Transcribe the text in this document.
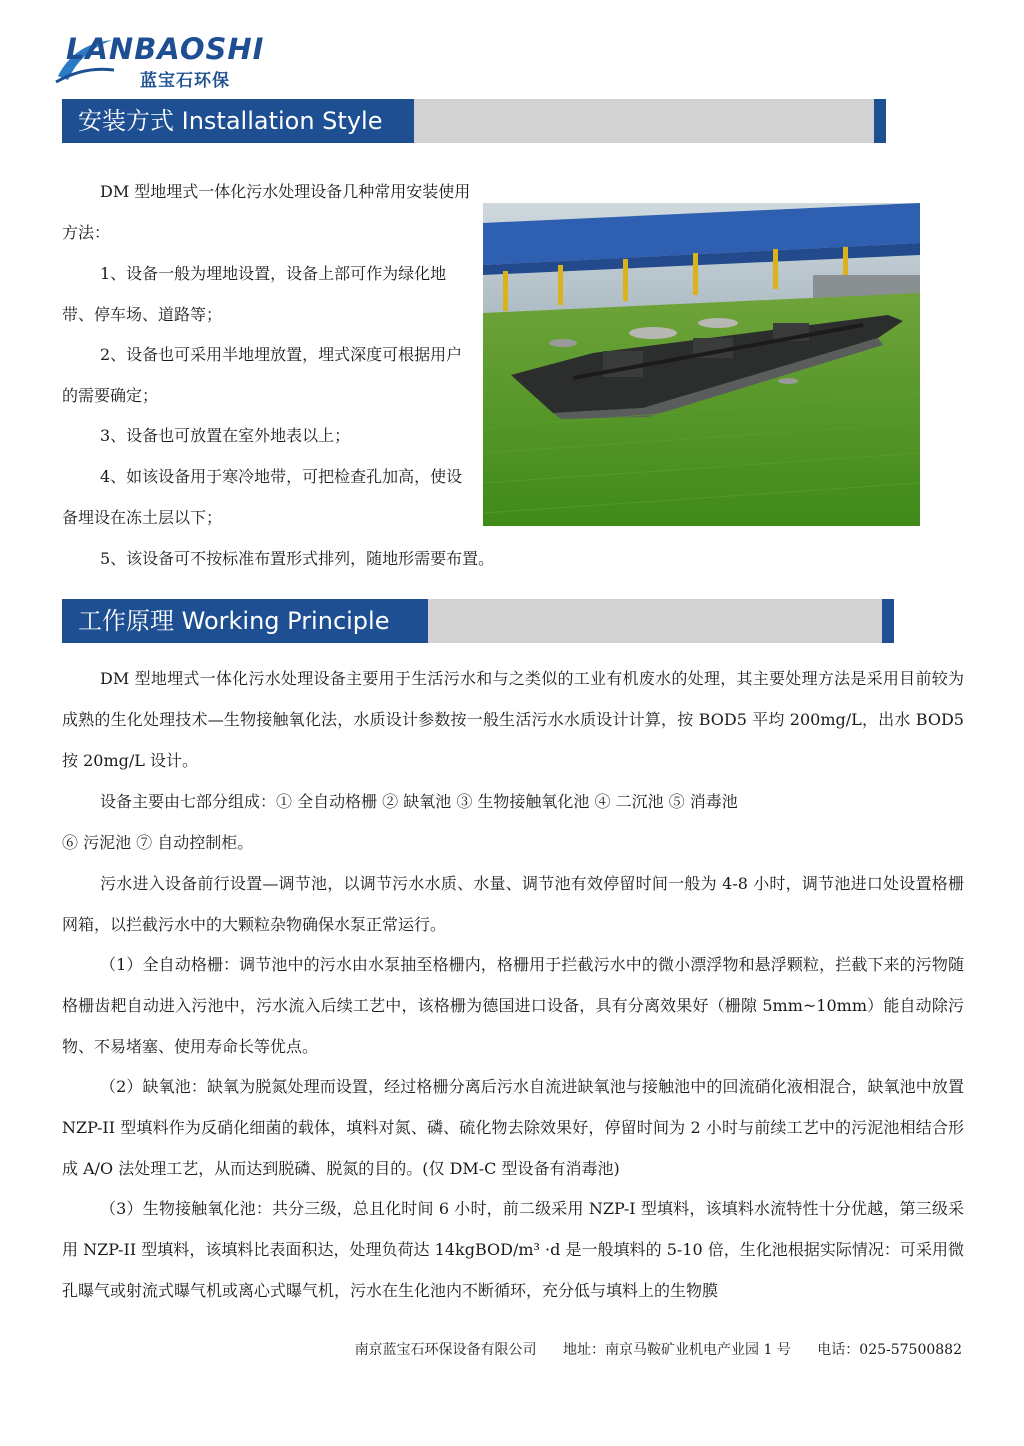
LANBAOSHI
蓝宝石环保
安装方式 Installation Style

DM 型地埋式一体化污水处理设备几种常用安装使用方法：

1、设备一般为埋地设置，设备上部可作为绿化地带、停车场、道路等；

2、设备也可采用半地埋放置，埋式深度可根据用户的需要确定；

3、设备也可放置在室外地表以上；

4、如该设备用于寒冷地带，可把检查孔加高，使设备埋设在冻土层以下；

5、该设备可不按标准布置形式排列，随地形需要布置。

工作原理 Working Principle

DM 型地埋式一体化污水处理设备主要用于生活污水和与之类似的工业有机废水的处理，其主要处理方法是采用目前较为成熟的生化处理技术—生物接触氧化法，水质设计参数按一般生活污水水质设计计算，按 BOD5 平均 200mg/L，出水 BOD5 按 20mg/L 设计。

设备主要由七部分组成：① 全自动格栅 ② 缺氧池 ③ 生物接触氧化池 ④ 二沉池 ⑤ 消毒池

⑥ 污泥池 ⑦ 自动控制柜。

污水进入设备前行设置—调节池，以调节污水水质、水量、调节池有效停留时间一般为 4-8 小时，调节池进口处设置格栅网箱，以拦截污水中的大颗粒杂物确保水泵正常运行。

（1）全自动格栅：调节池中的污水由水泵抽至格栅内，格栅用于拦截污水中的微小漂浮物和悬浮颗粒，拦截下来的污物随格栅齿耙自动进入污池中，污水流入后续工艺中，该格栅为德国进口设备，具有分离效果好（栅隙 5mm~10mm）能自动除污物、不易堵塞、使用寿命长等优点。

（2）缺氧池：缺氧为脱氮处理而设置，经过格栅分离后污水自流进缺氧池与接触池中的回流硝化液相混合，缺氧池中放置 NZP-II 型填料作为反硝化细菌的载体，填料对氮、磷、硫化物去除效果好，停留时间为 2 小时与前续工艺中的污泥池相结合形成 A/O 法处理工艺，从而达到脱磷、脱氮的目的。(仅 DM-C 型设备有消毒池)

（3）生物接触氧化池：共分三级，总且化时间 6 小时，前二级采用 NZP-I 型填料，该填料水流特性十分优越，第三级采用 NZP-II 型填料，该填料比表面积达，处理负荷达 14kgBOD/m³ ·d 是一般填料的 5-10 倍，生化池根据实际情况：可采用微孔曝气或射流式曝气机或离心式曝气机，污水在生化池内不断循环，充分低与填料上的生物膜

南京蓝宝石环保设备有限公司 地址：南京马鞍矿业机电产业园 1 号 电话：025-57500882
